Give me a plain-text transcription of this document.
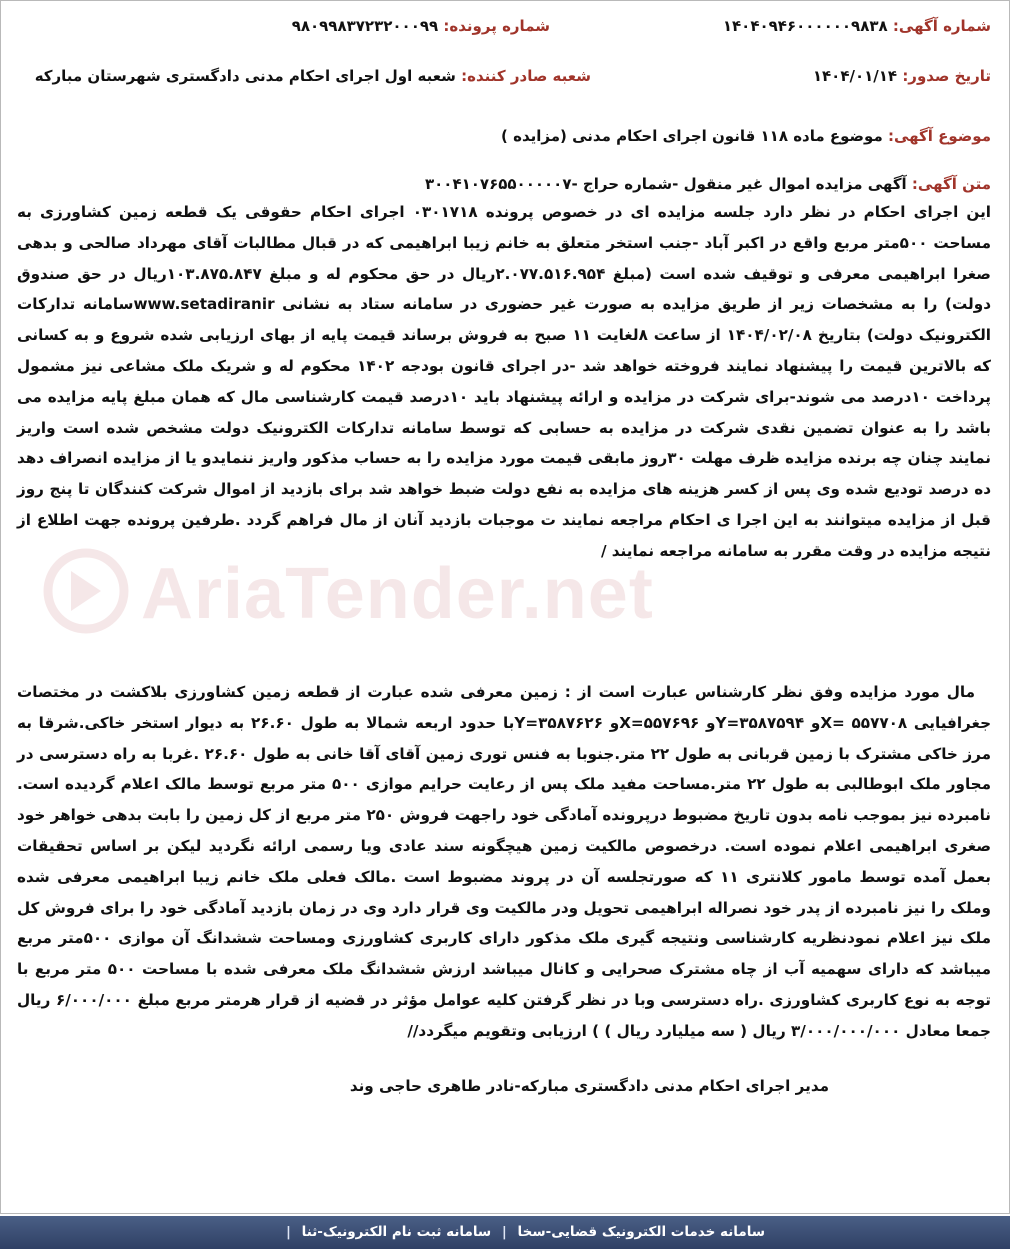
شماره آگهی: ۱۴۰۴۰۹۴۶۰۰۰۰۰۰۹۸۳۸
شماره پرونده: ۹۸۰۹۹۸۳۷۲۳۲۰۰۰۹۹
تاریخ صدور: ۱۴۰۴/۰۱/۱۴
شعبه صادر کننده: شعبه اول اجرای احکام مدنی دادگستری شهرستان مبارکه
موضوع آگهی: موضوع ماده ۱۱۸ قانون اجرای احکام مدنی (مزایده )
متن آگهی: آگهی مزایده اموال غیر منقول -شماره حراج -۳۰۰۴۱۰۷۶۵۵۰۰۰۰۰۷
AriaTender.net
این اجرای احکام در نظر دارد جلسه مزایده ای در خصوص پرونده ۰۳۰۱۷۱۸ اجرای احکام حقوقی یک قطعه زمین کشاورزی به مساحت ۵۰۰متر مربع واقع در اکبر آباد -جنب استخر متعلق به خانم زیبا ابراهیمی که در قبال مطالبات آقای مهرداد صالحی و بدهی صغرا ابراهیمی معرفی و توقیف شده است (مبلغ ۲.۰۷۷.۵۱۶.۹۵۴ریال در حق محکوم له و مبلغ ۱۰۳.۸۷۵.۸۴۷ریال در حق صندوق دولت) را به مشخصات زیر از طریق مزایده به صورت غیر حضوری در سامانه ستاد به نشانی www.setadiranirسامانه تدارکات الکترونیک دولت) بتاریخ ۱۴۰۴/۰۲/۰۸ از ساعت ۸لغایت ۱۱ صبح به فروش برساند قیمت پایه از بهای ارزیابی شده شروع و به کسانی که بالاترین قیمت را پیشنهاد نمایند فروخته خواهد شد -در اجرای قانون بودجه ۱۴۰۲ محکوم له و شریک ملک مشاعی نیز مشمول پرداخت ۱۰درصد می شوند-برای شرکت در مزایده و ارائه پیشنهاد باید ۱۰درصد قیمت کارشناسی مال که همان مبلغ پایه مزایده می باشد را به عنوان تضمین نقدی شرکت در مزایده به حسابی که توسط سامانه تدارکات الکترونیک دولت مشخص شده است واریز نمایند چنان چه برنده مزایده ظرف مهلت ۳۰روز مابقی قیمت مورد مزایده را به حساب مذکور واریز ننمایدو یا از مزایده انصراف دهد ده درصد تودیع شده وی پس از کسر هزینه های مزایده به نفع دولت ضبط خواهد شد برای بازدید از اموال شرکت کنندگان تا پنج روز قبل از مزایده میتوانند به این اجرا ی احکام مراجعه نمایند ت موجبات بازدید آنان از مال فراهم گردد .طرفین پرونده جهت اطلاع از نتیجه مزایده در وقت مقرر به سامانه مراجعه نمایند /
مال مورد مزایده وفق نظر کارشناس عبارت است از : زمین معرفی شده عبارت از قطعه زمین کشاورزی بلاکشت در مختصات جغرافیایی X= ۵۵۷۷۰۸و Y=۳۵۸۷۵۹۴و X=۵۵۷۶۹۶و Y=۳۵۸۷۶۲۶با حدود اربعه شمالا به طول ۲۶.۶۰ به دیوار استخر خاکی.شرقا به مرز خاکی مشترک با زمین قربانی به طول ۲۲ متر.جنوبا به فنس توری زمین آقای آقا خانی به طول ۲۶.۶۰ .غربا به راه دسترسی در مجاور ملک ابوطالبی به طول ۲۲ متر.مساحت مفید ملک پس از رعایت حرایم موازی ۵۰۰ متر مربع توسط مالک اعلام گردیده است. نامبرده نیز بموجب نامه بدون تاریخ مضبوط درپرونده آمادگی خود راجهت فروش ۲۵۰ متر مربع از کل زمین را بابت بدهی خواهر خود صغری ابراهیمی اعلام نموده است. درخصوص مالکیت زمین هیچگونه سند عادی ویا رسمی ارائه نگردید لیکن بر اساس تحقیقات بعمل آمده توسط مامور کلانتری ۱۱ که صورتجلسه آن در پروند مضبوط است .مالک فعلی ملک خانم زیبا ابراهیمی معرفی شده وملک را نیز نامبرده از پدر خود نصراله ابراهیمی تحویل ودر مالکیت وی قرار دارد وی در زمان بازدید آمادگی خود را برای فروش کل ملک نیز اعلام نمودنظریه کارشناسی ونتیجه گیری ملک مذکور دارای کاربری کشاورزی ومساحت ششدانگ آن موازی ۵۰۰متر مربع میباشد که دارای سهمیه آب از چاه مشترک صحرایی و کانال میباشد ارزش ششدانگ ملک معرفی شده با مساحت ۵۰۰ متر مربع با توجه به نوع کاربری کشاورزی .راه دسترسی وبا در نظر گرفتن کلیه عوامل مؤثر در قضیه از قرار هرمتر مربع مبلغ ۶/۰۰۰/۰۰۰ ریال جمعا معادل ۳/۰۰۰/۰۰۰/۰۰۰ ریال ( سه میلیارد ریال ) ) ارزیابی وتقویم میگردد//
مدیر اجرای احکام مدنی دادگستری مبارکه-نادر طاهری حاجی وند
سامانه خدمات الکترونیک قضایی-سخا | سامانه ثبت نام الکترونیک-ثنا |
